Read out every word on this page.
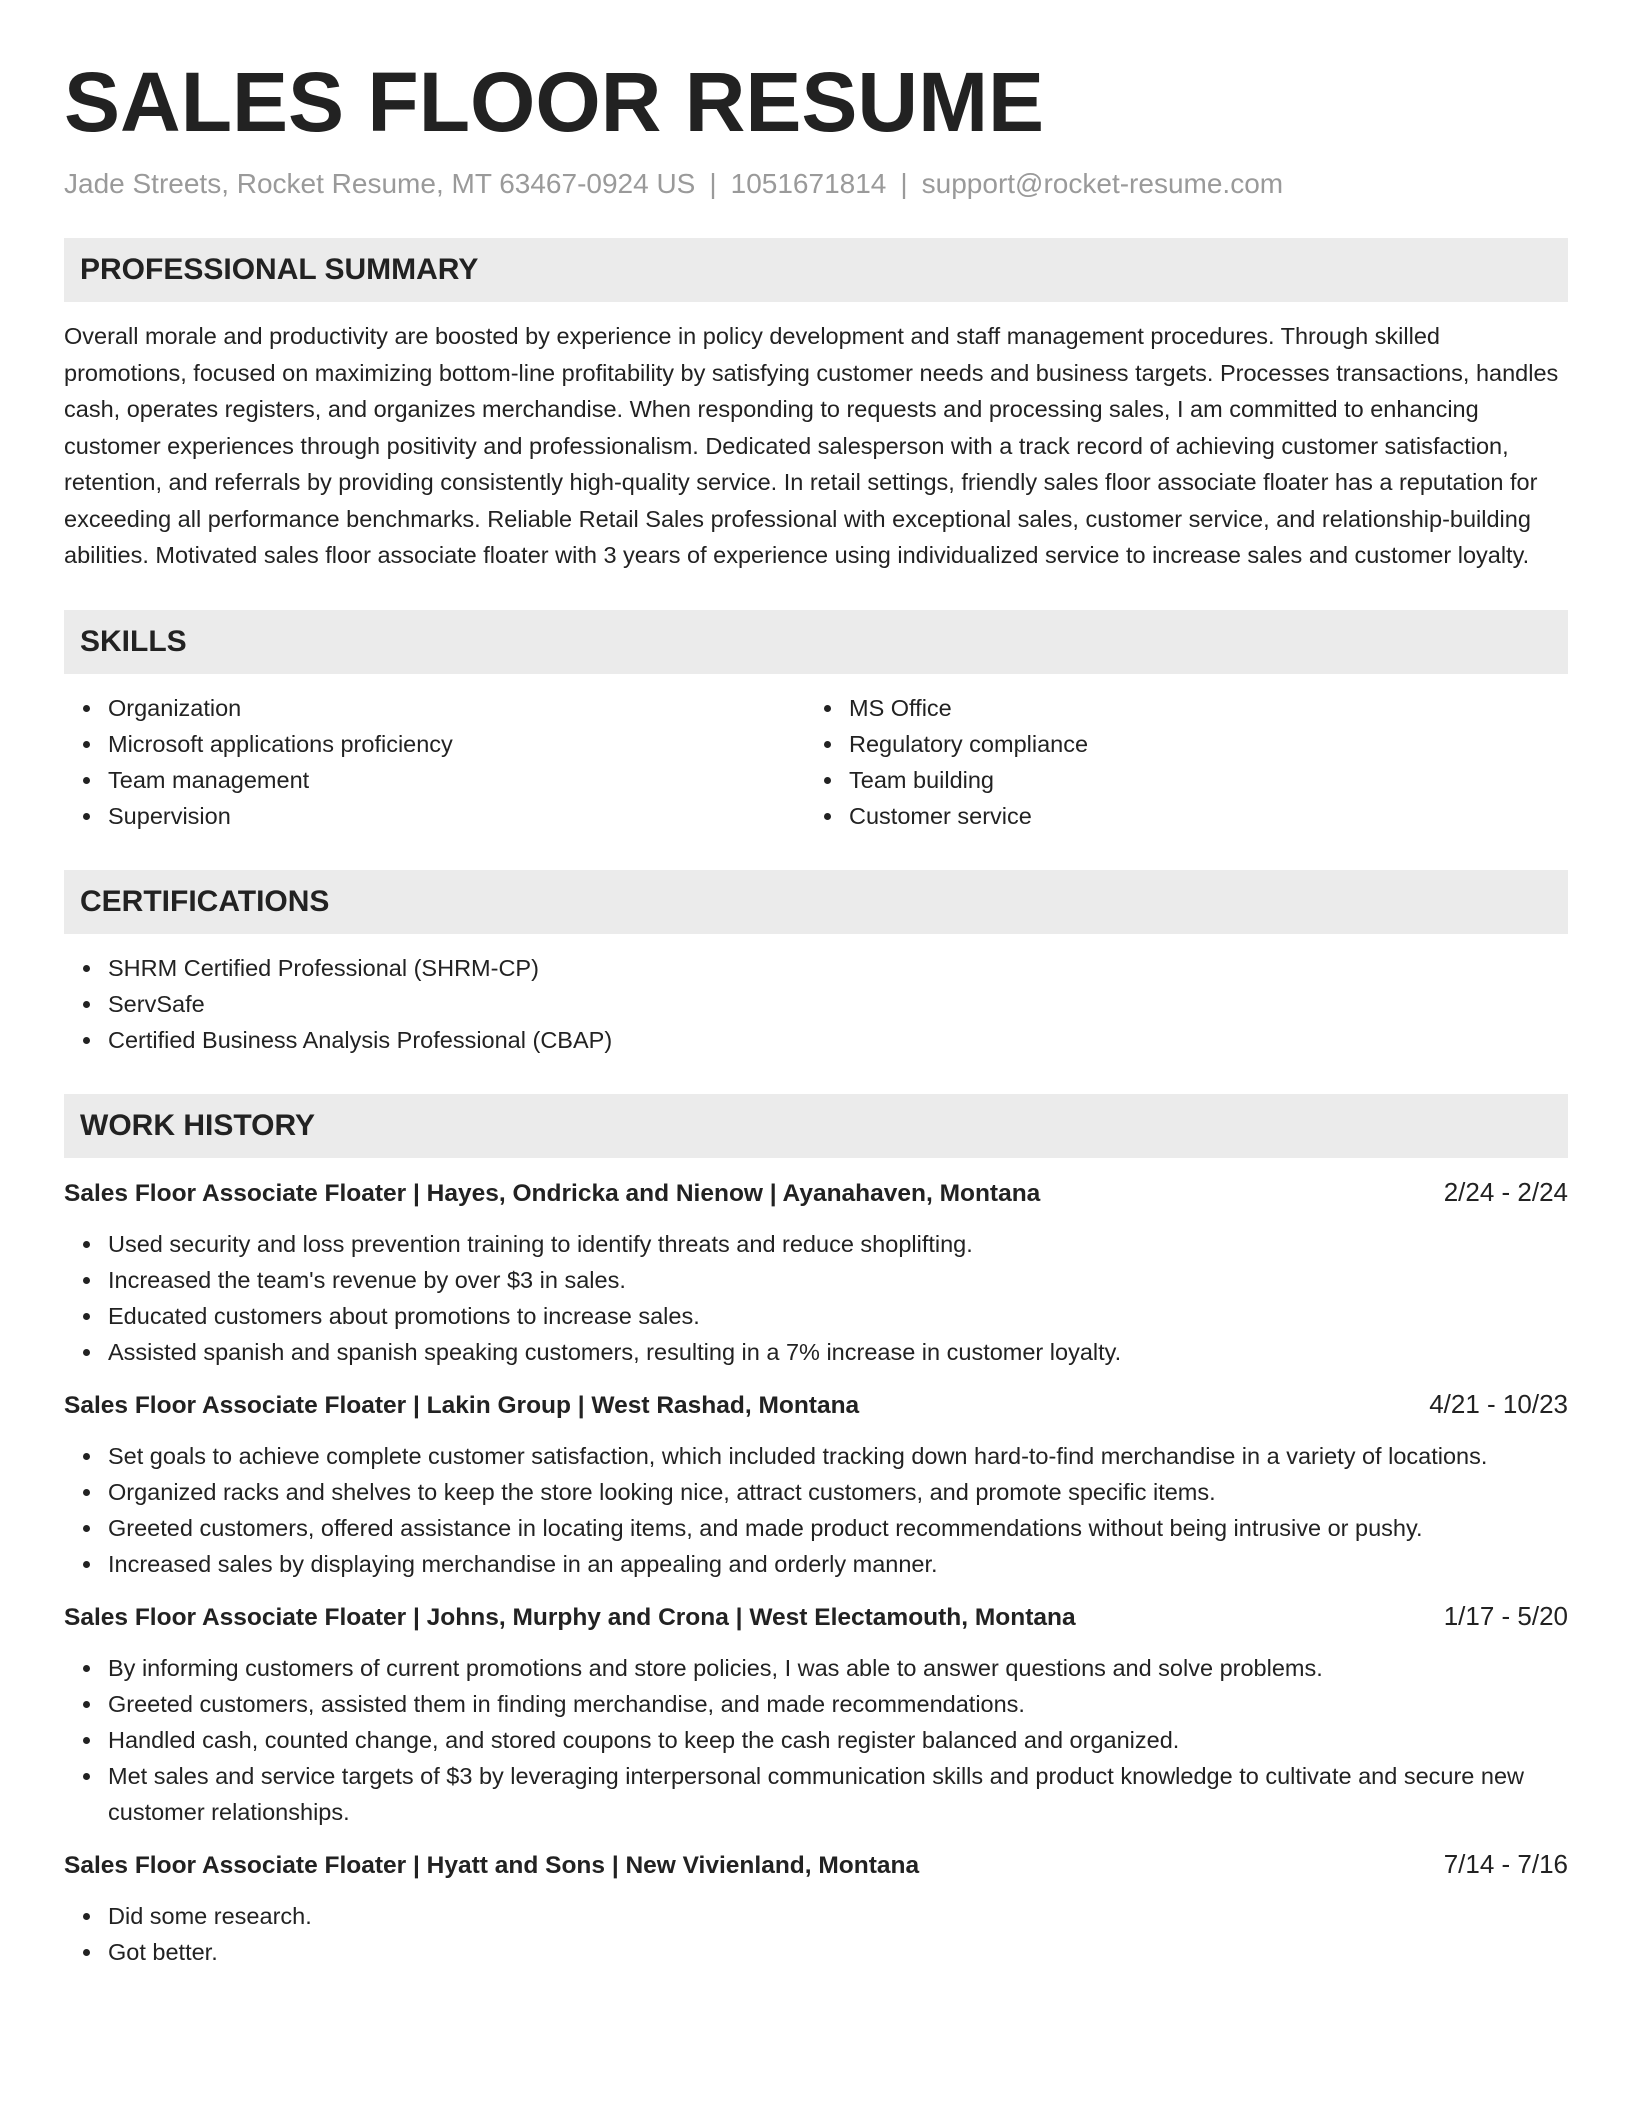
SALES FLOOR RESUME
Jade Streets, Rocket Resume, MT 63467-0924 US | 1051671814 | support@rocket-resume.com
PROFESSIONAL SUMMARY
Overall morale and productivity are boosted by experience in policy development and staff management procedures. Through skilled promotions, focused on maximizing bottom-line profitability by satisfying customer needs and business targets. Processes transactions, handles cash, operates registers, and organizes merchandise. When responding to requests and processing sales, I am committed to enhancing customer experiences through positivity and professionalism. Dedicated salesperson with a track record of achieving customer satisfaction, retention, and referrals by providing consistently high-quality service. In retail settings, friendly sales floor associate floater has a reputation for exceeding all performance benchmarks. Reliable Retail Sales professional with exceptional sales, customer service, and relationship-building abilities. Motivated sales floor associate floater with 3 years of experience using individualized service to increase sales and customer loyalty.
SKILLS
Organization
Microsoft applications proficiency
Team management
Supervision
MS Office
Regulatory compliance
Team building
Customer service
CERTIFICATIONS
SHRM Certified Professional (SHRM-CP)
ServSafe
Certified Business Analysis Professional (CBAP)
WORK HISTORY
Sales Floor Associate Floater | Hayes, Ondricka and Nienow | Ayanahaven, Montana	2/24 - 2/24
Used security and loss prevention training to identify threats and reduce shoplifting.
Increased the team's revenue by over $3 in sales.
Educated customers about promotions to increase sales.
Assisted spanish and spanish speaking customers, resulting in a 7% increase in customer loyalty.
Sales Floor Associate Floater | Lakin Group | West Rashad, Montana	4/21 - 10/23
Set goals to achieve complete customer satisfaction, which included tracking down hard-to-find merchandise in a variety of locations.
Organized racks and shelves to keep the store looking nice, attract customers, and promote specific items.
Greeted customers, offered assistance in locating items, and made product recommendations without being intrusive or pushy.
Increased sales by displaying merchandise in an appealing and orderly manner.
Sales Floor Associate Floater | Johns, Murphy and Crona | West Electamouth, Montana	1/17 - 5/20
By informing customers of current promotions and store policies, I was able to answer questions and solve problems.
Greeted customers, assisted them in finding merchandise, and made recommendations.
Handled cash, counted change, and stored coupons to keep the cash register balanced and organized.
Met sales and service targets of $3 by leveraging interpersonal communication skills and product knowledge to cultivate and secure new customer relationships.
Sales Floor Associate Floater | Hyatt and Sons | New Vivienland, Montana	7/14 - 7/16
Did some research.
Got better.
